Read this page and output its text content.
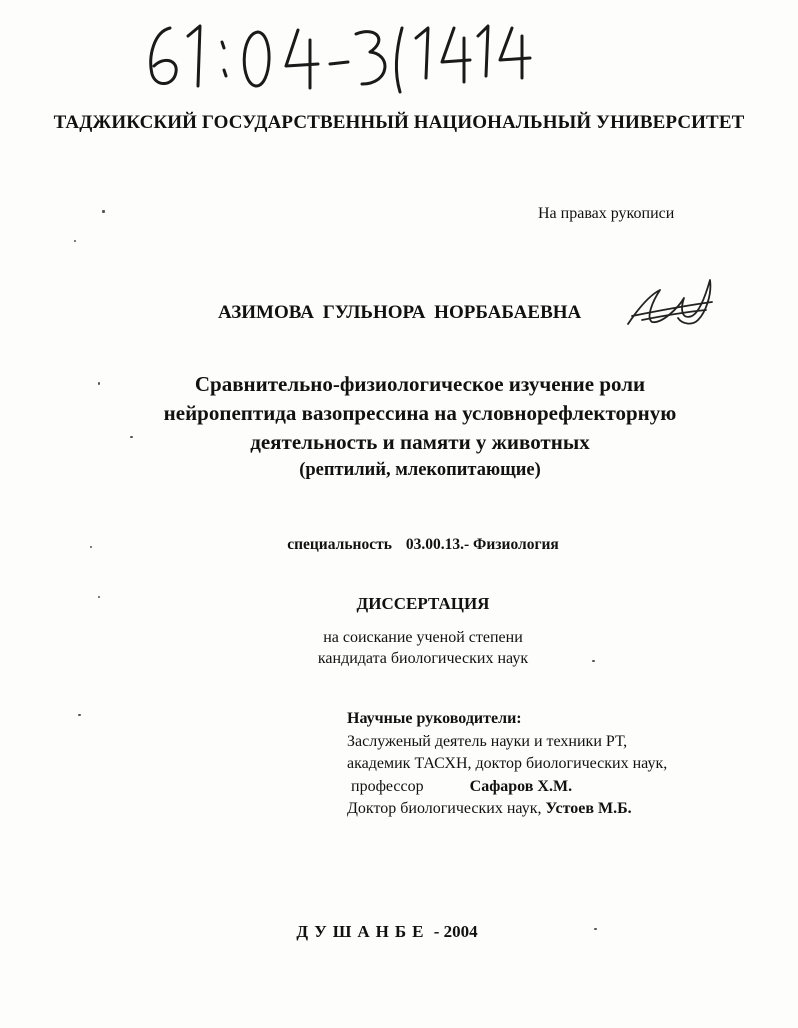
ТАДЖИКСКИЙ ГОСУДАРСТВЕННЫЙ НАЦИОНАЛЬНЫЙ УНИВЕРСИТЕТ
На правах рукописи
АЗИМОВА ГУЛЬНОРА НОРБАБАЕВНА
Сравнительно-физиологическое изучение роли
нейропептида вазопрессина на условнорефлекторную
деятельность и памяти у животных
(рептилий, млекопитающие)
специальность 03.00.13.- Физиология
ДИССЕРТАЦИЯ
на соискание ученой степени
кандидата биологических наук
Научные руководители:
Заслуженый деятель науки и техники РТ,
академик ТАСХН, доктор биологических наук,
профессор	Сафаров Х.М.
Доктор биологических наук, Устоев М.Б.
ДУШАНБЕ - 2004
